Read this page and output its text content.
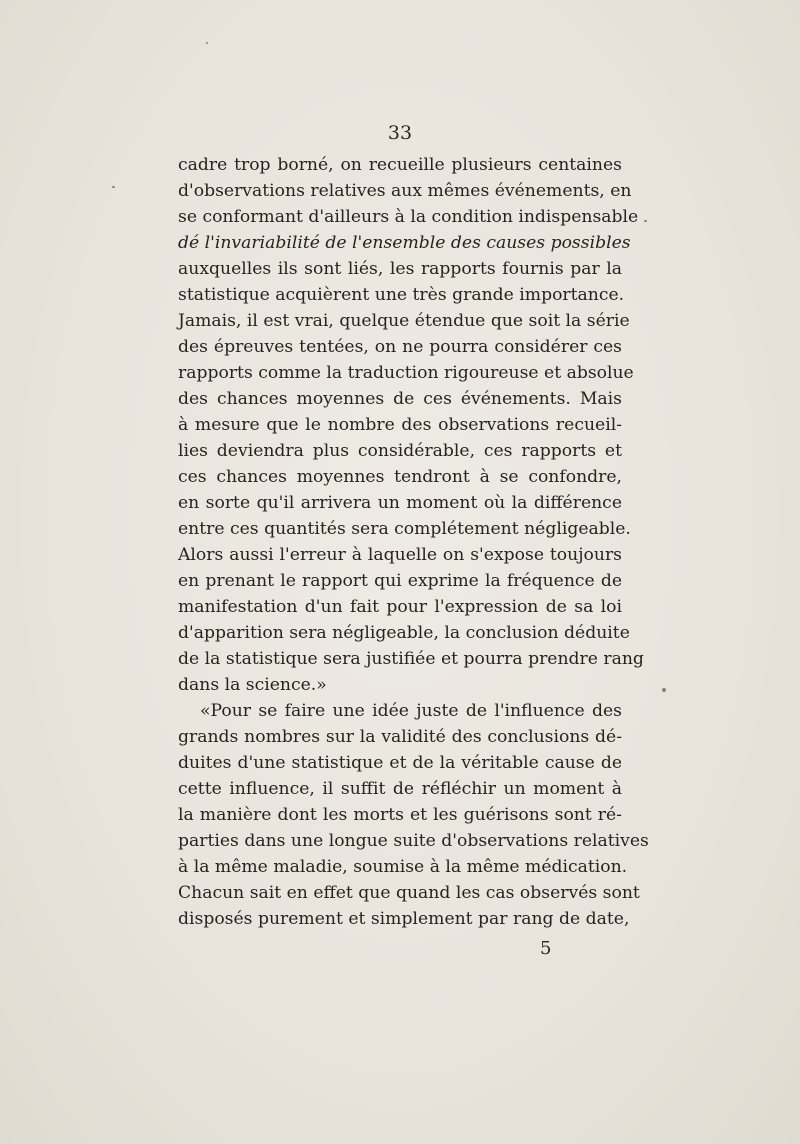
33
cadre trop borné, on recueille plusieurs centaines
d'observations relatives aux mêmes événements, en
se conformant d'ailleurs à la condition indispensable
dé l'invariabilité de l'ensemble des causes possibles
auxquelles ils sont liés, les rapports fournis par la
statistique acquièrent une très grande importance.
Jamais, il est vrai, quelque étendue que soit la série
des épreuves tentées, on ne pourra considérer ces
rapports comme la traduction rigoureuse et absolue
des chances moyennes de ces événements. Mais
à mesure que le nombre des observations recueil-
lies deviendra plus considérable, ces rapports et
ces chances moyennes tendront à se confondre,
en sorte qu'il arrivera un moment où la différence
entre ces quantités sera complétement négligeable.
Alors aussi l'erreur à laquelle on s'expose toujours
en prenant le rapport qui exprime la fréquence de
manifestation d'un fait pour l'expression de sa loi
d'apparition sera négligeable, la conclusion déduite
de la statistique sera justifiée et pourra prendre rang
dans la science.»
«Pour se faire une idée juste de l'influence des
grands nombres sur la validité des conclusions dé-
duites d'une statistique et de la véritable cause de
cette influence, il suffit de réfléchir un moment à
la manière dont les morts et les guérisons sont ré-
parties dans une longue suite d'observations relatives
à la même maladie, soumise à la même médication.
Chacun sait en effet que quand les cas observés sont
disposés purement et simplement par rang de date,
5
